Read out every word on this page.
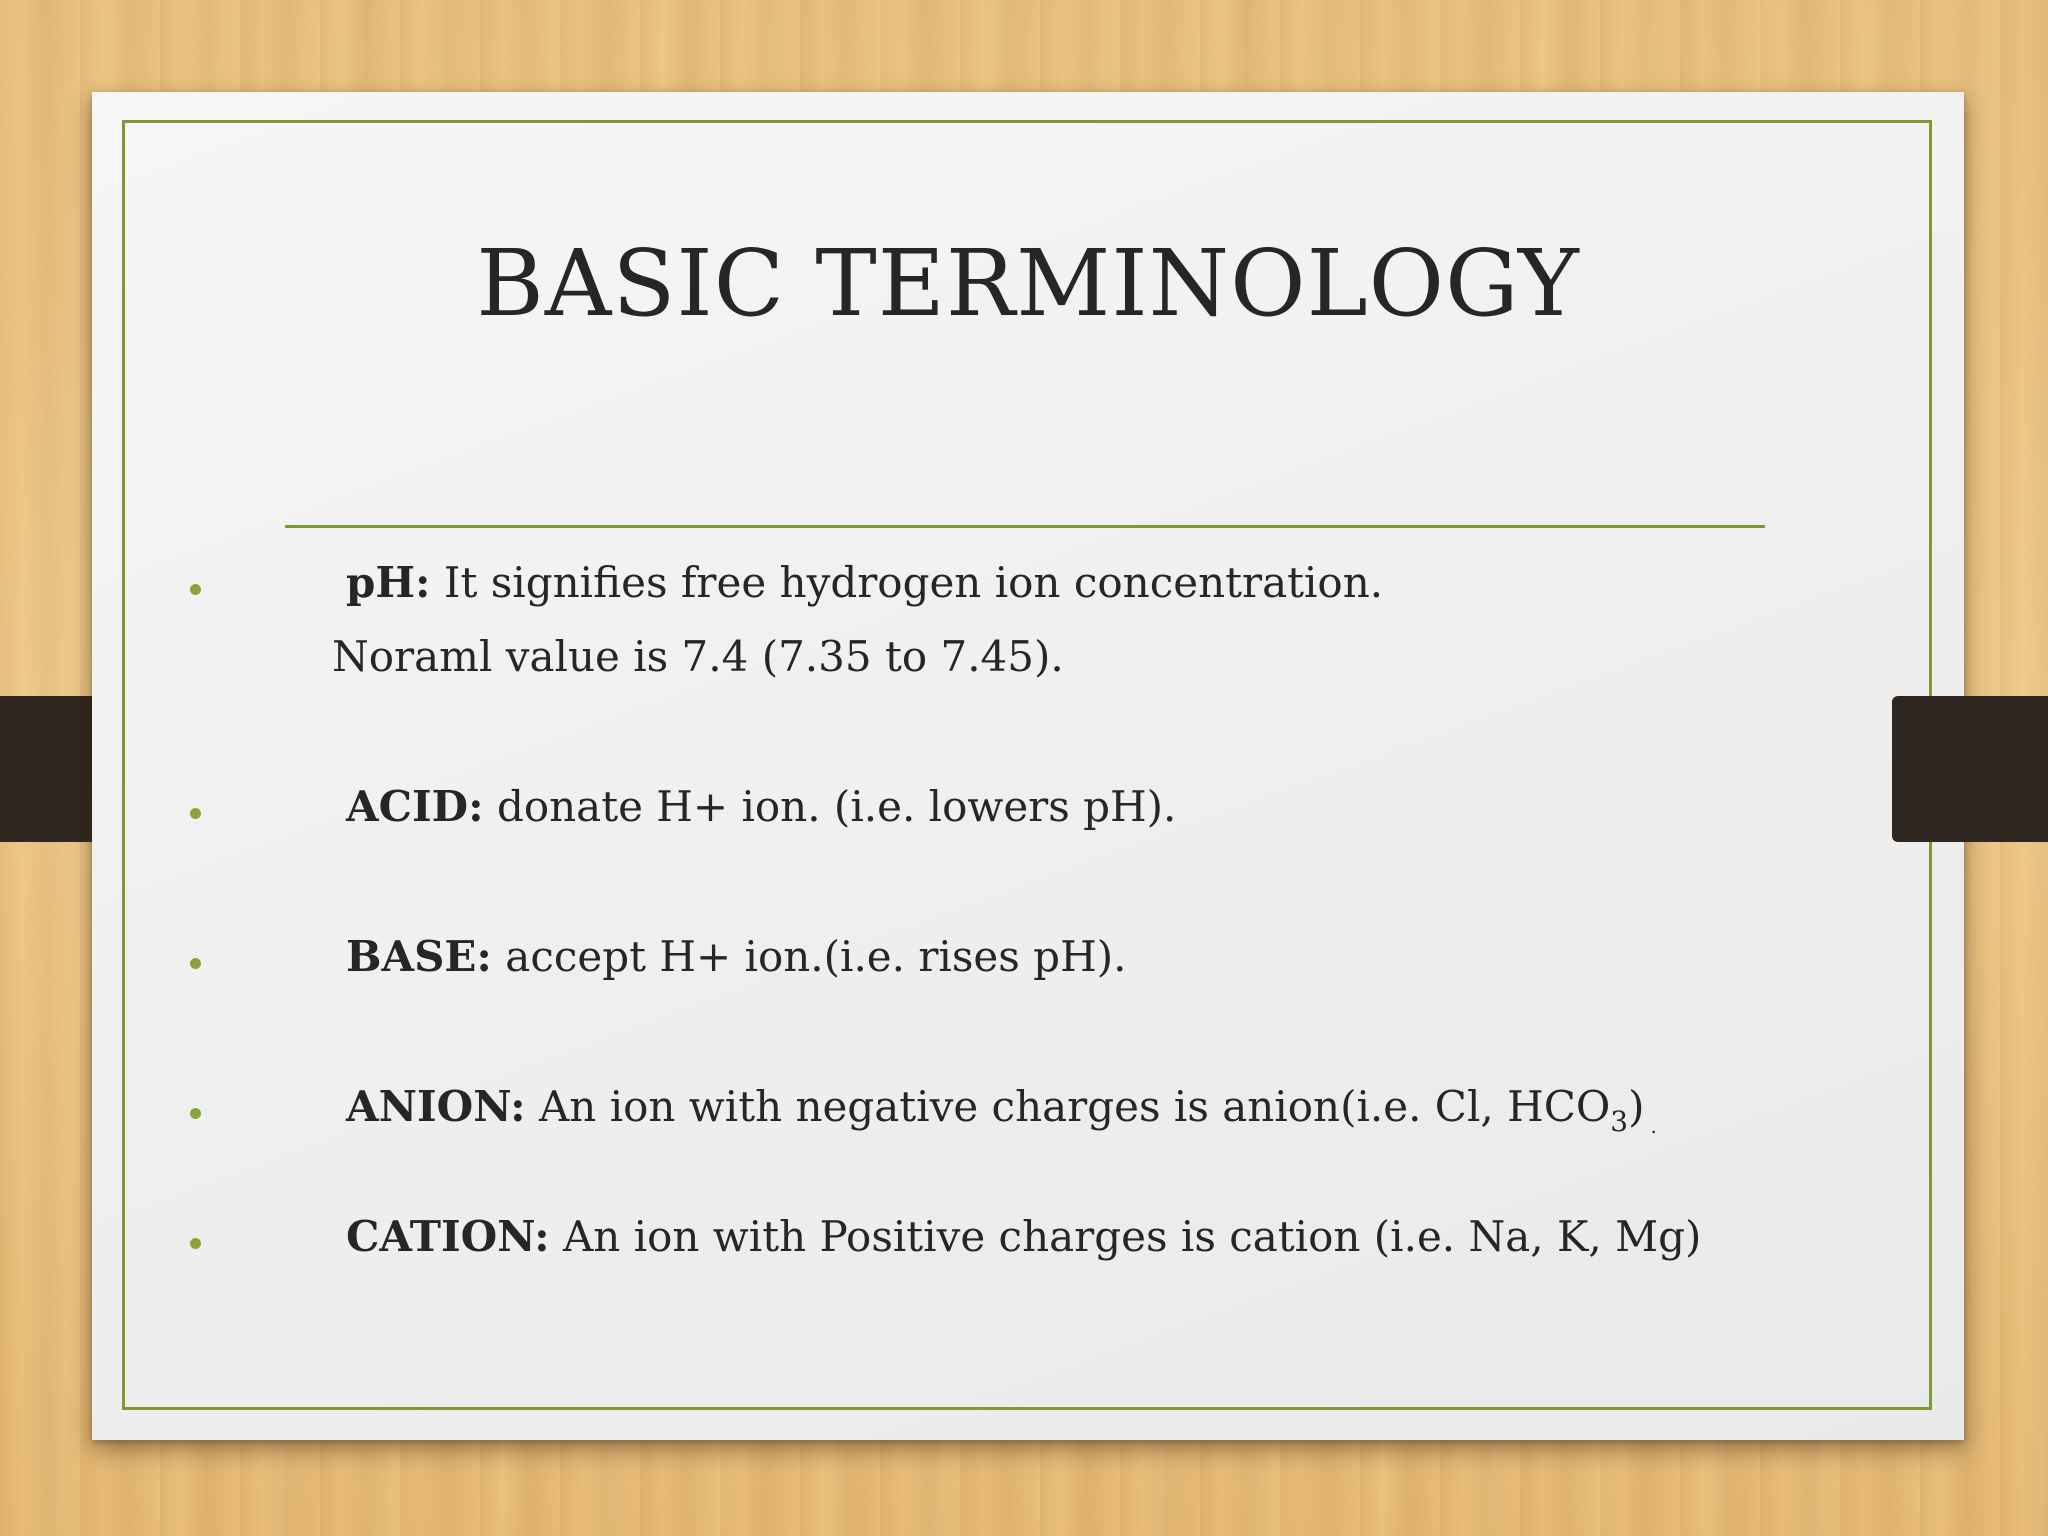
BASIC TERMINOLOGY
pH: It signifies free hydrogen ion concentration.
Noraml value is 7.4 (7.35 to 7.45).
ACID: donate H+ ion. (i.e. lowers pH).
BASE: accept H+ ion.(i.e. rises pH).
ANION: An ion with negative charges is anion(i.e. Cl, $HCO_3$) $_.$
CATION: An ion with Positive charges is cation (i.e. Na, K, Mg)
